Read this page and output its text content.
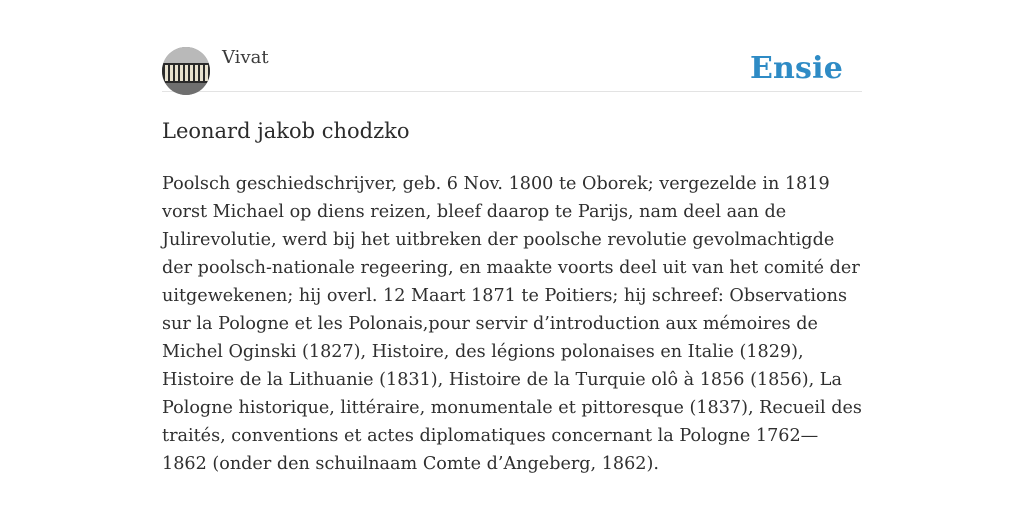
Vivat	Ensie
Leonard jakob chodzko

Poolsch geschiedschrijver, geb. 6 Nov. 1800 te Oborek; vergezelde in 1819 vorst Michael op diens reizen, bleef daarop te Parijs, nam deel aan de Julirevolutie, werd bij het uitbreken der poolsche revolutie gevolmachtigde der poolsch-nationale regeering, en maakte voorts deel uit van het comité der uitgewekenen; hij overl. 12 Maart 1871 te Poitiers; hij schreef: Observations sur la Pologne et les Polonais,pour servir d’introduction aux mémoires de Michel Oginski (1827), Histoire, des légions polonaises en Italie (1829), Histoire de la Lithuanie (1831), Histoire de la Turquie olô à 1856 (1856), La Pologne historique, littéraire, monumentale et pittoresque (1837), Recueil des traités, conventions et actes diplomatiques concernant la Pologne 1762—1862 (onder den schuilnaam Comte d’Angeberg, 1862).
